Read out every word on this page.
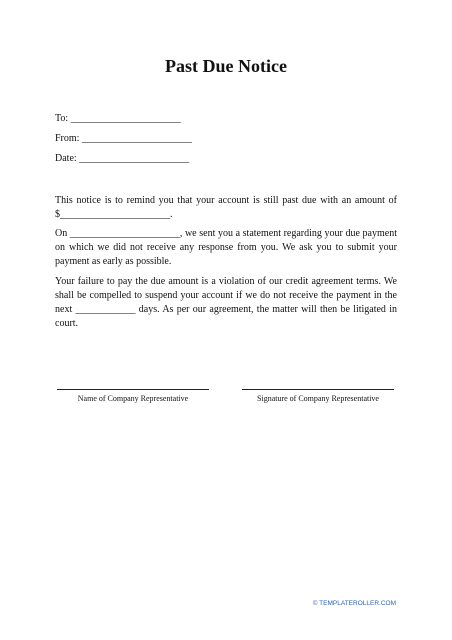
Past Due Notice
To: ______________________
From: ______________________
Date: ______________________
This notice is to remind you that your account is still past due with an amount of $______________________.
On ______________________, we sent you a statement regarding your due payment on which we did not receive any response from you. We ask you to submit your payment as early as possible.
Your failure to pay the due amount is a violation of our credit agreement terms. We shall be compelled to suspend your account if we do not receive the payment in the next ____________ days. As per our agreement, the matter will then be litigated in court.
Name of Company Representative	Signature of Company Representative
© TEMPLATEROLLER.COM
